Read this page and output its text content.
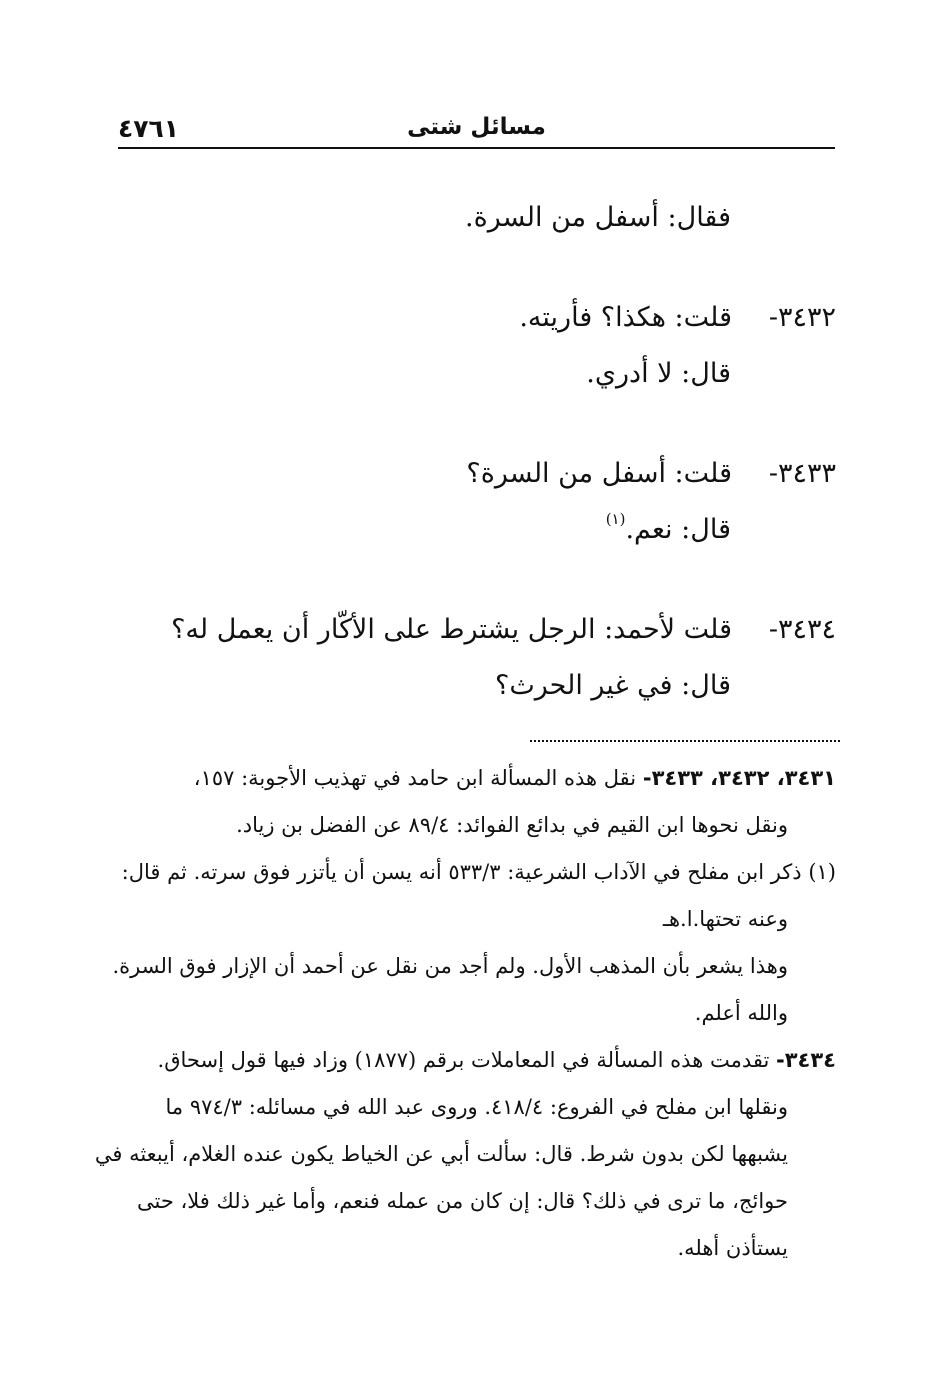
٤٧٦١	مسائل شتى
فقال: أسفل من السرة.
٣٤٣٢-قلت: هكذا؟ فأريته.
قال: لا أدري.
٣٤٣٣-قلت: أسفل من السرة؟
قال: نعم.$^{(١)}$
٣٤٣٤-قلت لأحمد: الرجل يشترط على الأكّار أن يعمل له؟
قال: في غير الحرث؟
٣٤٣١، ٣٤٣٢، ٣٤٣٣- نقل هذه المسألة ابن حامد في تهذيب الأجوبة: ١٥٧،
ونقل نحوها ابن القيم في بدائع الفوائد: ٨٩/٤ عن الفضل بن زياد.
(١) ذكر ابن مفلح في الآداب الشرعية: ٥٣٣/٣ أنه يسن أن يأتزر فوق سرته. ثم قال:
وعنه تحتها.ا.هـ
وهذا يشعر بأن المذهب الأول. ولم أجد من نقل عن أحمد أن الإزار فوق السرة.
والله أعلم.
٣٤٣٤- تقدمت هذه المسألة في المعاملات برقم (١٨٧٧) وزاد فيها قول إسحاق.
ونقلها ابن مفلح في الفروع: ٤١٨/٤. وروى عبد الله في مسائله: ٩٧٤/٣ ما
يشبهها لكن بدون شرط. قال: سألت أبي عن الخياط يكون عنده الغلام، أيبعثه في
حوائج، ما ترى في ذلك؟ قال: إن كان من عمله فنعم، وأما غير ذلك فلا، حتى
يستأذن أهله.
